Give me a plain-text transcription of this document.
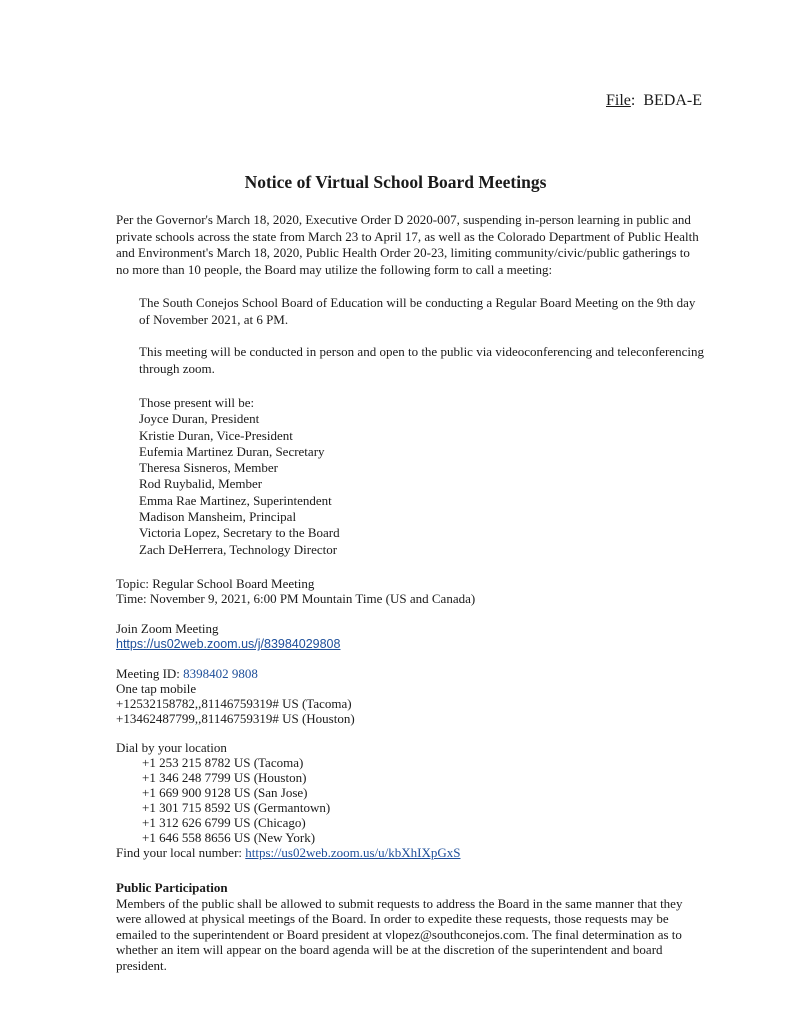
File:  BEDA-E
Notice of Virtual School Board Meetings
Per the Governor's March 18, 2020, Executive Order D 2020-007, suspending in-person learning in public and private schools across the state from March 23 to April 17, as well as the Colorado Department of Public Health and Environment's March 18, 2020, Public Health Order 20-23, limiting community/civic/public gatherings to no more than 10 people, the Board may utilize the following form to call a meeting:
The South Conejos School Board of Education will be conducting a Regular Board Meeting on the 9th day of November 2021, at 6 PM.
This meeting will be conducted in person and open to the public via videoconferencing and teleconferencing through zoom.
Those present will be:
Joyce Duran, President
Kristie Duran, Vice-President
Eufemia Martinez Duran, Secretary
Theresa Sisneros, Member
Rod Ruybalid, Member
Emma Rae Martinez, Superintendent
Madison Mansheim, Principal
Victoria Lopez, Secretary to the Board
Zach DeHerrera, Technology Director
Topic: Regular School Board Meeting
Time: November 9, 2021, 6:00 PM Mountain Time (US and Canada)
Join Zoom Meeting
https://us02web.zoom.us/j/83984029808
Meeting ID: 8398402 9808
One tap mobile
+12532158782,,81146759319# US (Tacoma)
+13462487799,,81146759319# US (Houston)
Dial by your location
+1 253 215 8782 US (Tacoma)
+1 346 248 7799 US (Houston)
+1 669 900 9128 US (San Jose)
+1 301 715 8592 US (Germantown)
+1 312 626 6799 US (Chicago)
+1 646 558 8656 US (New York)
Find your local number: https://us02web.zoom.us/u/kbXhIXpGxS
Public Participation
Members of the public shall be allowed to submit requests to address the Board in the same manner that they were allowed at physical meetings of the Board. In order to expedite these requests, those requests may be emailed to the superintendent or Board president at vlopez@southconejos.com. The final determination as to whether an item will appear on the board agenda will be at the discretion of the superintendent and board president.
